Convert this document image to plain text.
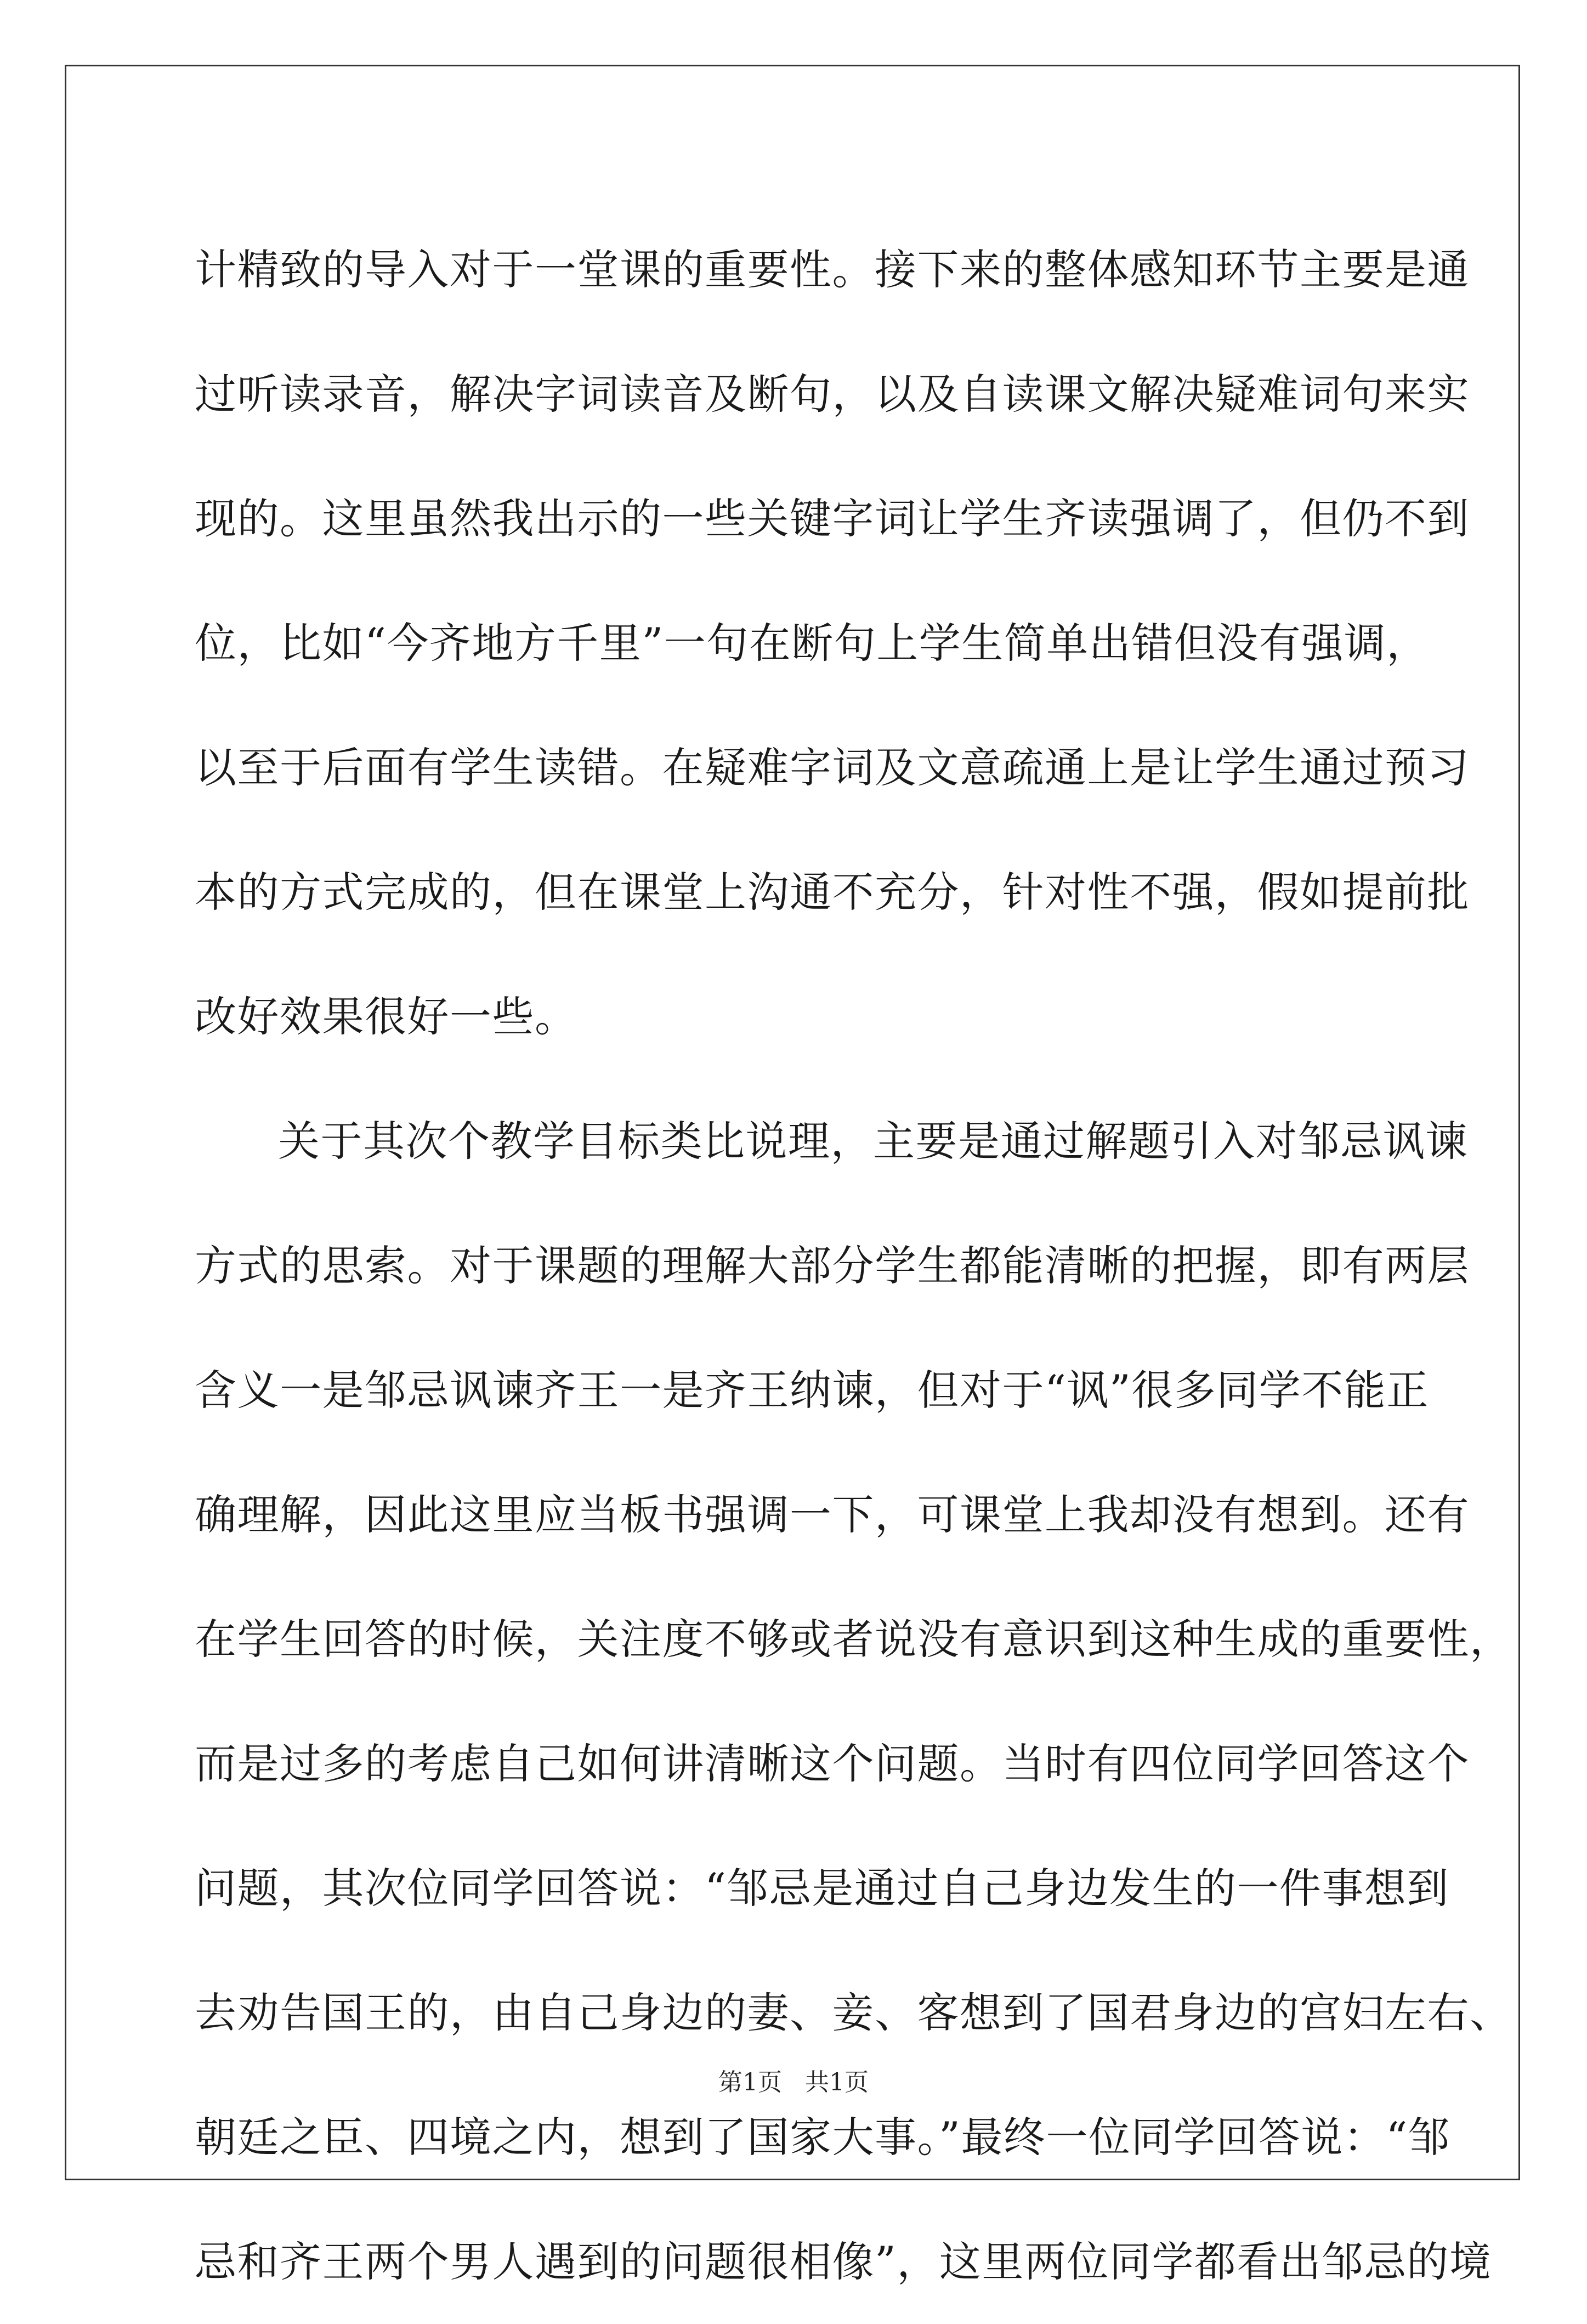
计精致的导入对于一堂课的重要性。接下来的整体感知环节主要是通
过听读录音，解决字词读音及断句，以及自读课文解决疑难词句来实
现的。这里虽然我出示的一些关键字词让学生齐读强调了，但仍不到
位，比如“今齐地方千里”一句在断句上学生简单出错但没有强调，
以至于后面有学生读错。在疑难字词及文意疏通上是让学生通过预习
本的方式完成的，但在课堂上沟通不充分，针对性不强，假如提前批
改好效果很好一些。
关于其次个教学目标类比说理，主要是通过解题引入对邹忌讽谏
方式的思索。对于课题的理解大部分学生都能清晰的把握，即有两层
含义一是邹忌讽谏齐王一是齐王纳谏，但对于“讽”很多同学不能正
确理解，因此这里应当板书强调一下，可课堂上我却没有想到。还有
在学生回答的时候，关注度不够或者说没有意识到这种生成的重要性，
而是过多的考虑自己如何讲清晰这个问题。当时有四位同学回答这个
问题，其次位同学回答说：“邹忌是通过自己身边发生的一件事想到
去劝告国王的，由自己身边的妻、妾、客想到了国君身边的宫妇左右、
朝廷之臣、四境之内，想到了国家大事。”最终一位同学回答说：“邹
忌和齐王两个男人遇到的问题很相像”，这里两位同学都看出邹忌的境
第1页 共1页
